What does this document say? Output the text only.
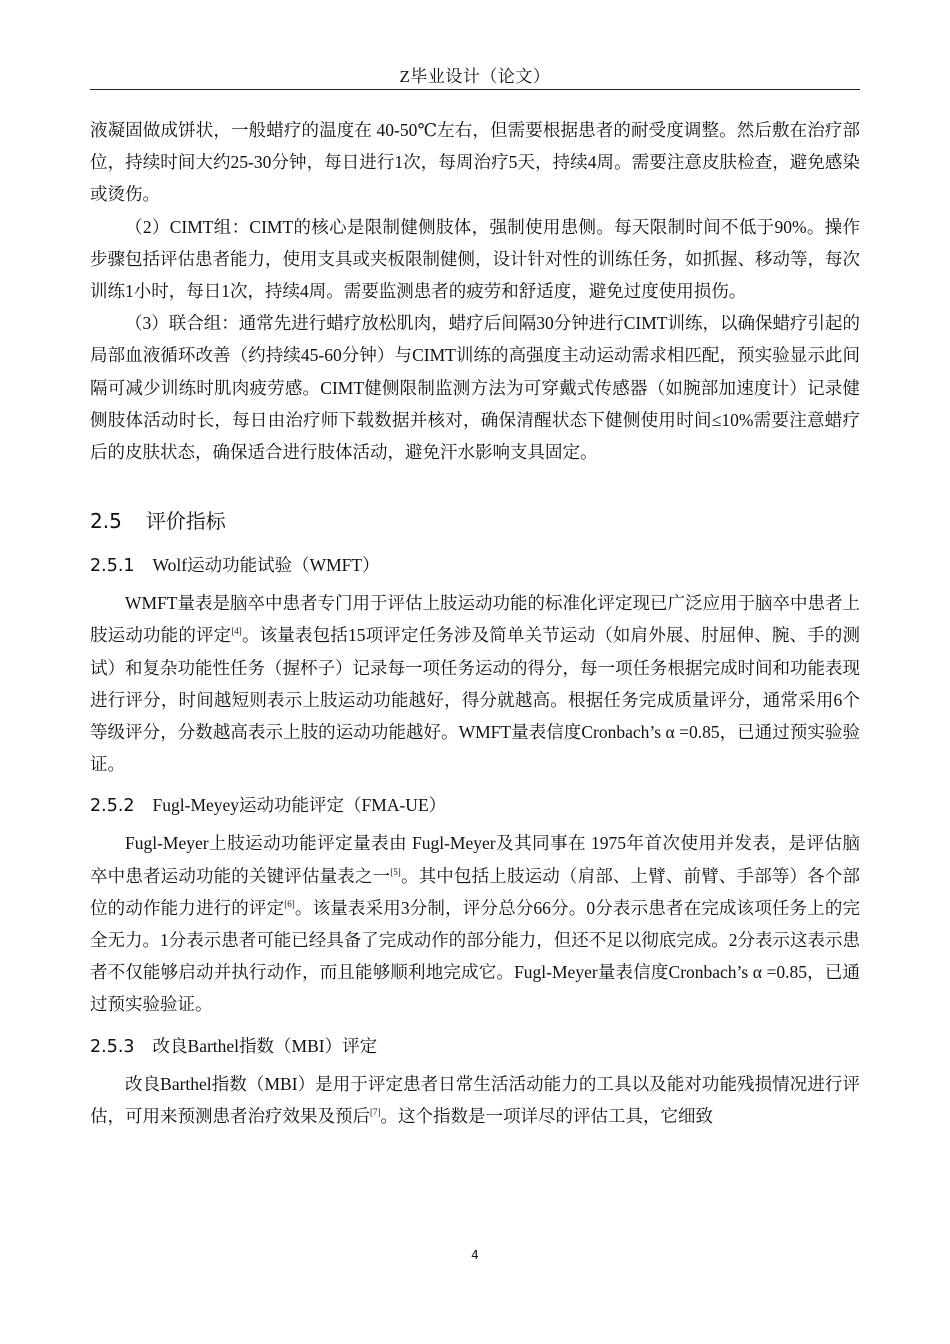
Z毕业设计（论文）

液凝固做成饼状，一般蜡疗的温度在 40-50℃左右，但需要根据患者的耐受度调整。然后敷在治疗部位，持续时间大约25-30分钟，每日进行1次，每周治疗5天，持续4周。需要注意皮肤检查，避免感染或烫伤。

（2）CIMT组：CIMT的核心是限制健侧肢体，强制使用患侧。每天限制时间不低于90%。操作步骤包括评估患者能力，使用支具或夹板限制健侧，设计针对性的训练任务，如抓握、移动等，每次训练1小时，每日1次，持续4周。需要监测患者的疲劳和舒适度，避免过度使用损伤。

（3）联合组：通常先进行蜡疗放松肌肉，蜡疗后间隔30分钟进行CIMT训练，以确保蜡疗引起的局部血液循环改善（约持续45-60分钟）与CIMT训练的高强度主动运动需求相匹配，预实验显示此间隔可减少训练时肌肉疲劳感。CIMT健侧限制监测方法为可穿戴式传感器（如腕部加速度计）记录健侧肢体活动时长，每日由治疗师下载数据并核对，确保清醒状态下健侧使用时间≤10%需要注意蜡疗后的皮肤状态，确保适合进行肢体活动，避免汗水影响支具固定。

2.5 评价指标
2.5.1 Wolf运动功能试验（WMFT）

WMFT量表是脑卒中患者专门用于评估上肢运动功能的标准化评定现已广泛应用于脑卒中患者上肢运动功能的评定[4]。该量表包括15项评定任务涉及简单关节运动（如肩外展、肘屈伸、腕、手的测试）和复杂功能性任务（握杯子）记录每一项任务运动的得分，每一项任务根据完成时间和功能表现进行评分，时间越短则表示上肢运动功能越好，得分就越高。根据任务完成质量评分，通常采用6个等级评分，分数越高表示上肢的运动功能越好。WMFT量表信度Cronbach’s α =0.85，已通过预实验验证。

2.5.2 Fugl-Meyey运动功能评定（FMA-UE）

Fugl-Meyer上肢运动功能评定量表由 Fugl-Meyer及其同事在 1975年首次使用并发表，是评估脑卒中患者运动功能的关键评估量表之一[5]。其中包括上肢运动（肩部、上臂、前臂、手部等）各个部位的动作能力进行的评定[6]。该量表采用3分制，评分总分66分。0分表示患者在完成该项任务上的完全无力。1分表示患者可能已经具备了完成动作的部分能力，但还不足以彻底完成。2分表示这表示患者不仅能够启动并执行动作，而且能够顺利地完成它。Fugl-Meyer量表信度Cronbach’s α =0.85，已通过预实验验证。

2.5.3 改良Barthel指数（MBI）评定

改良Barthel指数（MBI）是用于评定患者日常生活活动能力的工具以及能对功能残损情况进行评估，可用来预测患者治疗效果及预后[7]。这个指数是一项详尽的评估工具，它细致

4
